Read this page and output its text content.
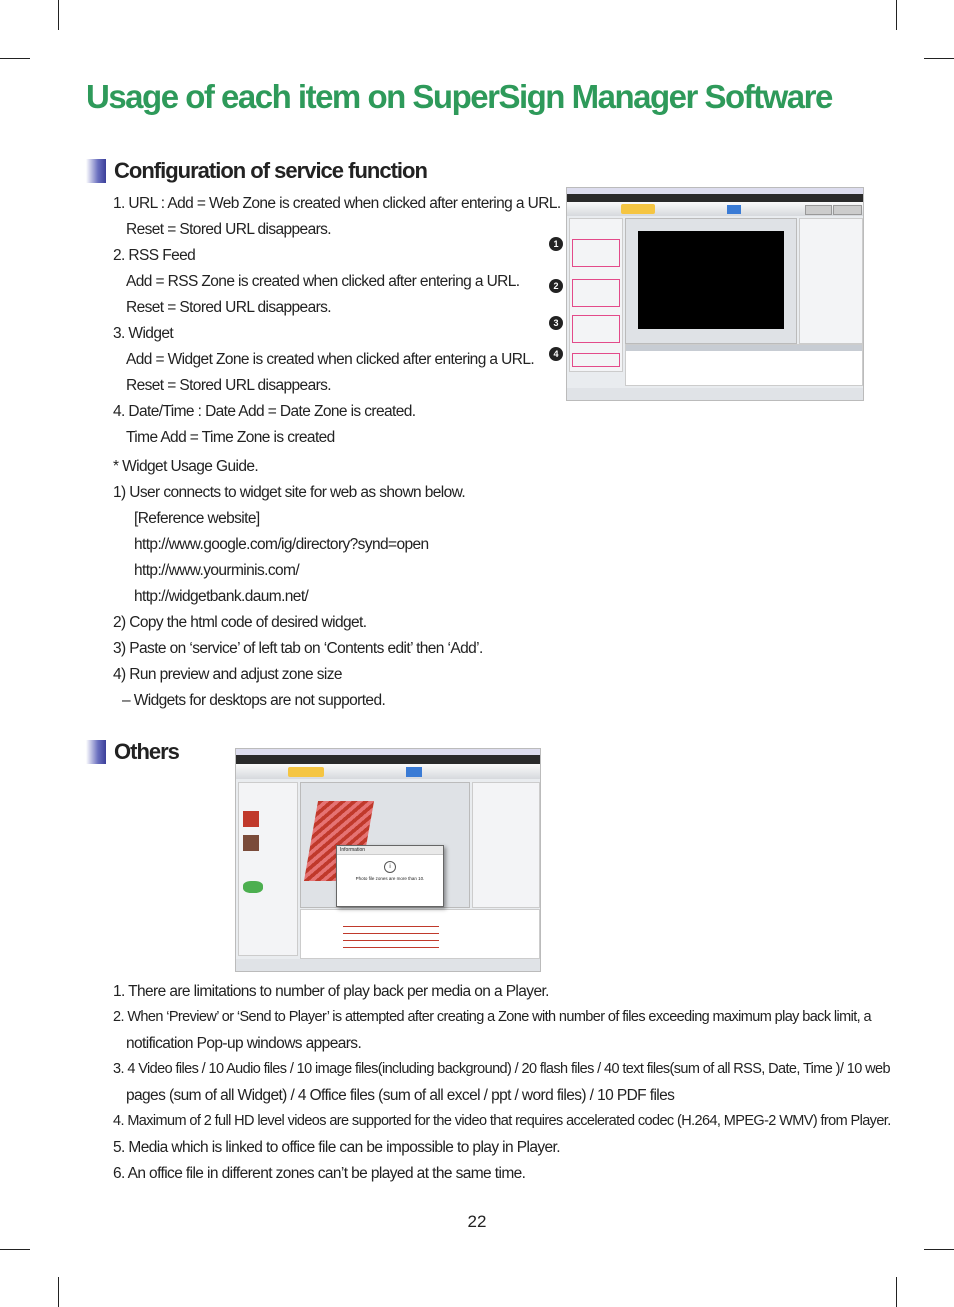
Usage of each item on SuperSign Manager Software
Configuration of service function
1. URL : Add = Web Zone is created when clicked after entering a URL.
Reset = Stored URL disappears.
2. RSS Feed
Add = RSS Zone is created when clicked after entering a URL.
Reset = Stored URL disappears.
3. Widget
Add = Widget Zone is created when clicked after entering a URL.
Reset = Stored URL disappears.
4. Date/Time : Date Add = Date Zone is created.
Time Add = Time Zone is created
* Widget Usage Guide.
1) User connects to widget site for web as shown below.
[Reference website]
http://www.google.com/ig/directory?synd=open
http://www.yourminis.com/
http://widgetbank.daum.net/
2) Copy the html code of desired widget.
3) Paste on ‘service’ of left tab on ‘Contents edit’ then ‘Add’.
4) Run preview and adjust zone size
– Widgets for desktops are not supported.
1
2
3
4
Others
Information
i
Photo file zones are more than 10.
1. There are limitations to number of play back per media on a Player.
2. When ‘Preview’ or ‘Send to Player’ is attempted after creating a Zone with number of files exceeding maximum play back limit, a
notification Pop-up windows appears.
3. 4 Video files / 10 Audio files / 10 image files(including background) / 20 flash files / 40 text files(sum of all RSS, Date, Time )/ 10 web
pages (sum of all Widget) / 4 Office files (sum of all excel / ppt / word files) / 10 PDF files
4. Maximum of 2 full HD level videos are supported for the video that requires accelerated codec (H.264, MPEG-2 WMV) from Player.
5. Media which is linked to office file can be impossible to play in Player.
6. An office file in different zones can’t be played at the same time.
22
